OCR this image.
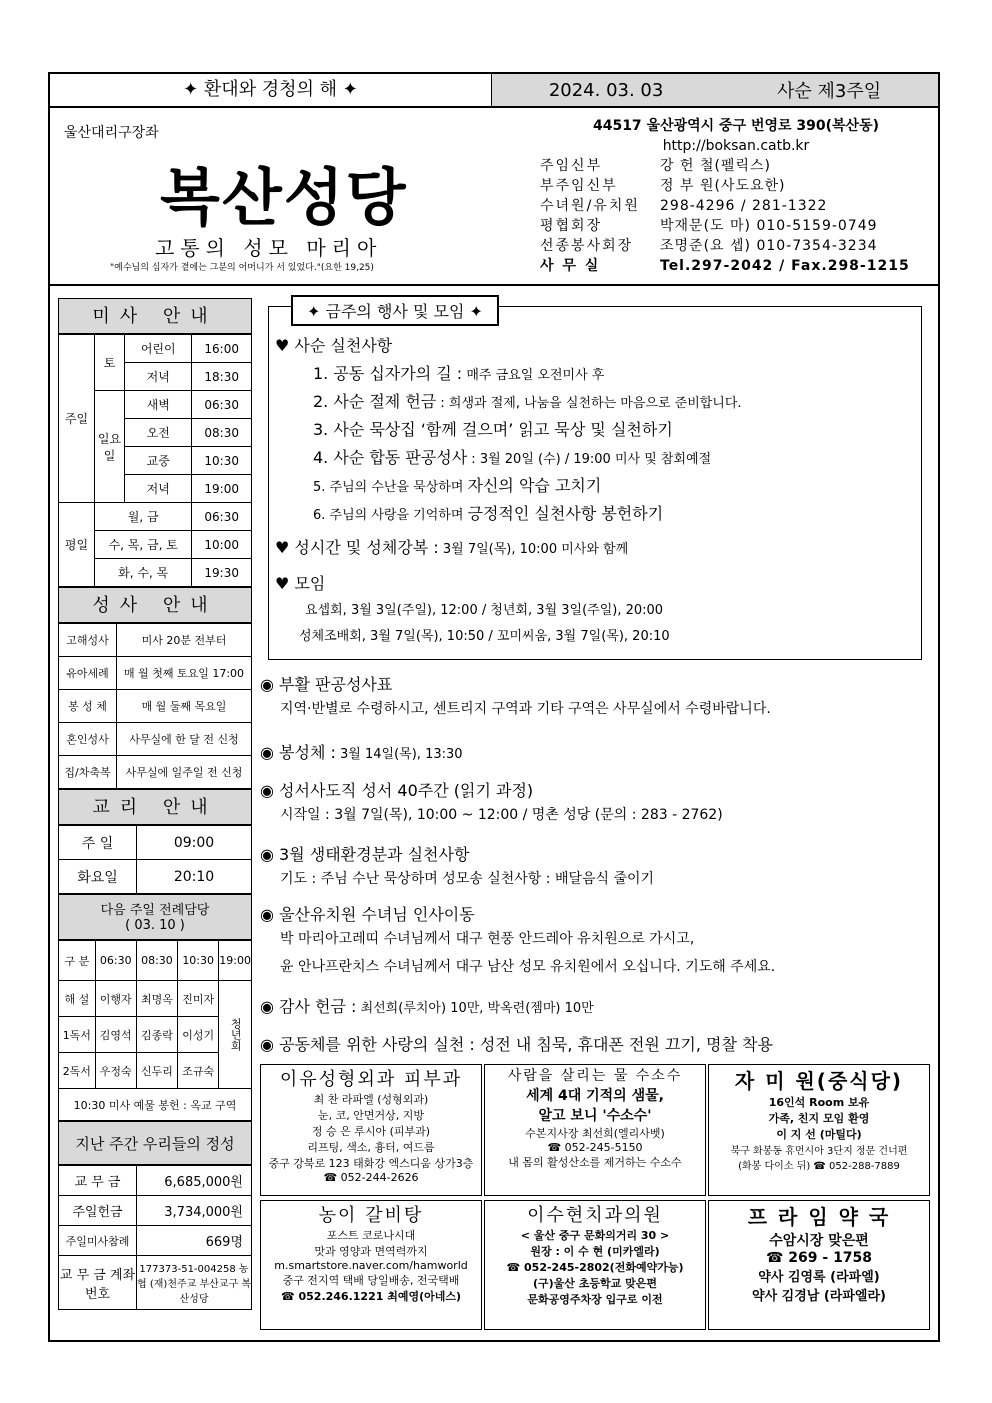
✦ 환대와 경청의 해 ✦	2024. 03. 03	사순 제3주일
울산대리구장좌
복산성당
고통의 성모 마리아
"예수님의 십자가 곁에는 그분의 어머니가 서 있었다."(요한 19,25)
44517 울산광역시 중구 번영로 390(복산동)
http://boksan.catb.kr
주임신부	강 헌 철(펠릭스)
부주임신부	정 부 원(사도요한)
수녀원/유치원	298-4296 / 281-1322
평협회장	박재문(도 마) 010-5159-0749
선종봉사회장	조명준(요 셉) 010-7354-3234
사 무 실	Tel.297-2042 / Fax.298-1215
미사 안내
주일	토	어린이	16:00
		저녁	18:30
	일요일	새벽	06:30
		오전	08:30
		교중	10:30
		저녁	19:00
평일	월, 금		06:30
	수, 목, 금, 토		10:00
	화, 수, 목		19:30
성사 안내
고해성사	미사 20분 전부터
유아세례	매 월 첫째 토요일 17:00
봉 성 체	매 월 둘째 목요일
혼인성사	사무실에 한 달 전 신청
집/차축복	사무실에 일주일 전 신청
교리 안내
주 일	09:00
화요일	20:10
다음 주일 전례담당
( 03. 10 )
구 분	06:30	08:30	10:30	19:00
해 설	이행자	최명옥	진미자	청년회
1독서	김영석	김종락	이성기	
2독서	우정숙	신두리	조규숙	
10:30 미사 예물 봉헌 : 옥교 구역				
지난 주간 우리들의 정성
교 무 금	6,685,000원
주일헌금	3,734,000원
주일미사참례	669명
교 무 금 계좌번호	177373-51-004258 농협 (재)천주교 부산교구 복산성당
✦ 금주의 행사 및 모임 ✦
♥ 사순 실천사항
1. 공동 십자가의 길 : 매주 금요일 오전미사 후
2. 사순 절제 헌금 : 희생과 절제, 나눔을 실천하는 마음으로 준비합니다.
3. 사순 묵상집 ‘함께 걸으며’ 읽고 묵상 및 실천하기
4. 사순 합동 판공성사 : 3월 20일 (수) / 19:00 미사 및 참회예절
5. 주님의 수난을 묵상하며 자신의 악습 고치기
6. 주님의 사랑을 기억하며 긍정적인 실천사항 봉헌하기
♥ 성시간 및 성체강복 : 3월 7일(목), 10:00 미사와 함께
♥ 모임
요셉회, 3월 3일(주일), 12:00 / 청년회, 3월 3일(주일), 20:00
성체조배회, 3월 7일(목), 10:50 / 꼬미씨움, 3월 7일(목), 20:10
◉ 부활 판공성사표
지역·반별로 수령하시고, 센트리지 구역과 기타 구역은 사무실에서 수령바랍니다.
◉ 봉성체 : 3월 14일(목), 13:30
◉ 성서사도직 성서 40주간 (읽기 과정)
시작일 : 3월 7일(목), 10:00 ~ 12:00 / 명촌 성당 (문의 : 283 - 2762)
◉ 3월 생태환경분과 실천사항
기도 : 주님 수난 묵상하며 성모송 실천사항 : 배달음식 줄이기
◉ 울산유치원 수녀님 인사이동
박 마리아고레띠 수녀님께서 대구 현풍 안드레아 유치원으로 가시고,
윤 안나프란치스 수녀님께서 대구 남산 성모 유치원에서 오십니다. 기도해 주세요.
◉ 감사 헌금 : 최선희(루치아) 10만, 박옥련(젬마) 10만
◉ 공동체를 위한 사랑의 실천 : 성전 내 침묵, 휴대폰 전원 끄기, 명찰 착용
이유성형외과 피부과
최 찬 라파엘 (성형외과)
눈, 코, 안면거상, 지방
정 승 은 루시아 (피부과)
리프팅, 색소, 흉터, 여드름
중구 강북로 123 태화강 엑스디움 상가3층
☎ 052-244-2626
사람을 살리는 물 수소수
세계 4대 기적의 샘물,
알고 보니 '수소수'
수본지사장 최선희(엘리사벳)
☎ 052-245-5150
내 몸의 활성산소를 제거하는 수소수
자 미 원(중식당)
16인석 Room 보유
가족, 친지 모임 환영
이 지 선 (마틸다)
북구 화봉동 휴먼시아 3단지 정문 건너편
(화봉 다이소 뒤) ☎ 052-288-7889
농이 갈비탕
포스트 코로나시대
맛과 영양과 면역력까지
m.smartstore.naver.com/hamworld
중구 전지역 택배 당일배송, 전국택배
☎ 052.246.1221 최예영(아네스)
이수현치과의원
< 울산 중구 문화의거리 30 >
원장 : 이 수 현 (미카엘라)
☎ 052-245-2802(전화예약가능)
(구)울산 초등학교 맞은편
문화공영주차장 입구로 이전
프 라 임 약 국
수암시장 맞은편
☎ 269 - 1758
약사 김영록 (라파엘)
약사 김경남 (라파엘라)
